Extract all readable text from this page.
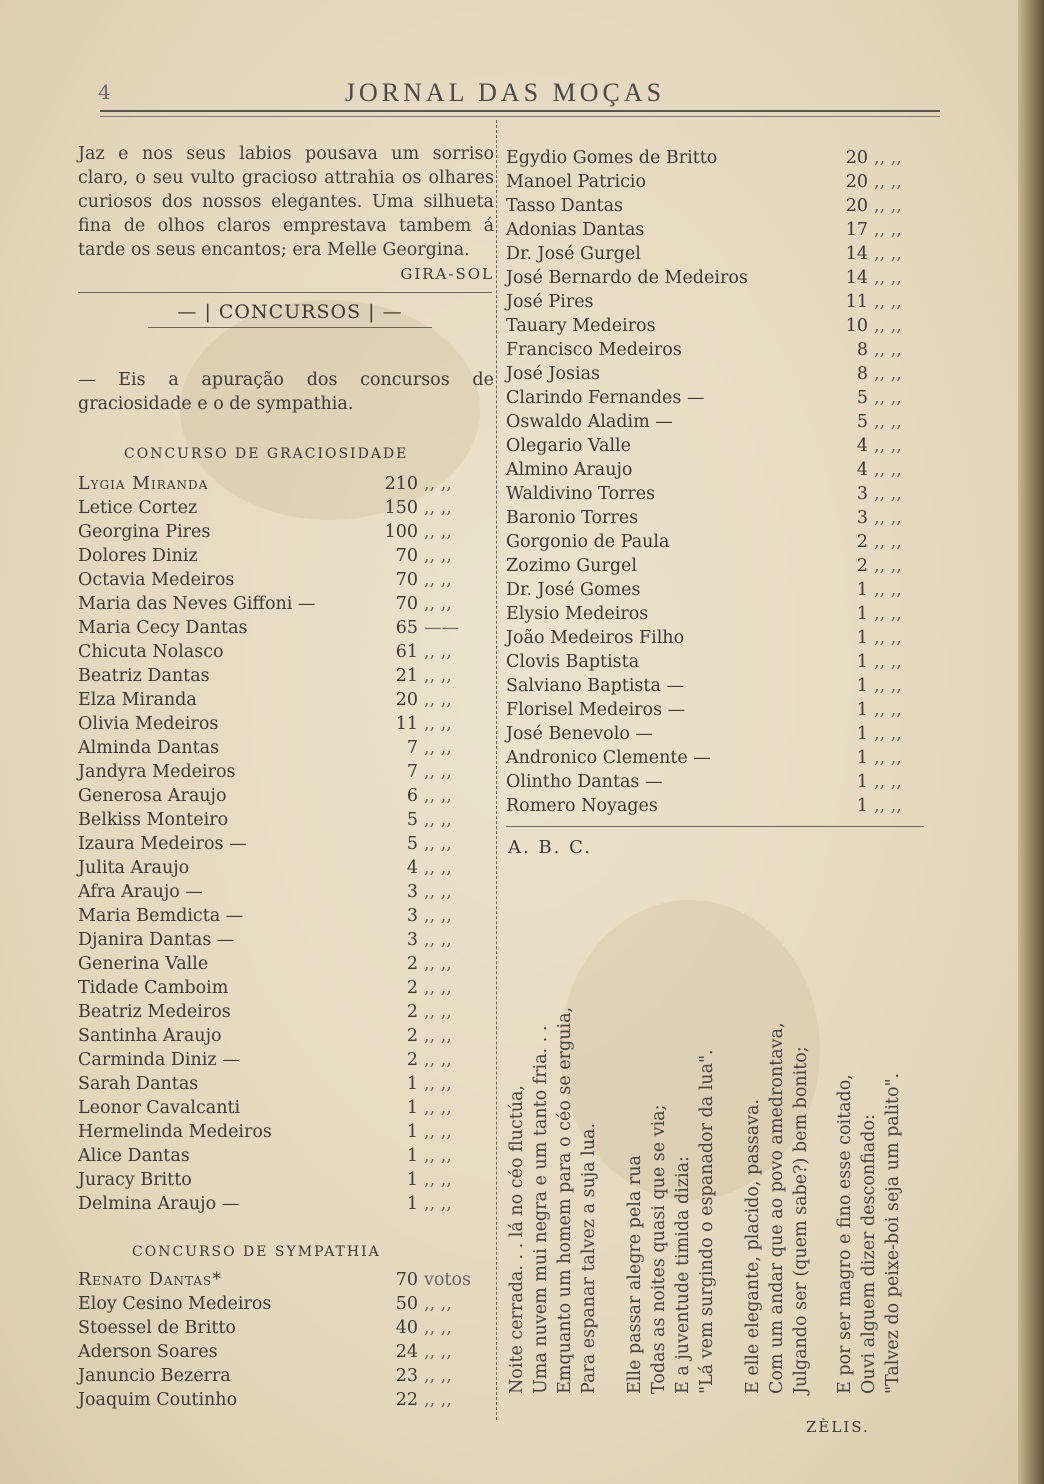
4	JORNAL DAS MOÇAS

Jaz e nos seus labios pousava um sorriso claro, o seu vulto gracioso attrahia os olhares curiosos dos nossos elegantes. Uma silhueta fina de olhos claros emprestava tambem á tarde os seus encantos; era Melle Georgina.

GIRA-SOL
— | CONCURSOS | —
— Eis a apuração dos concursos de graciosidade e o de sympathia.
CONCURSO DE GRACIOSIDADE
Lygia Miranda	210 ,, ,,
Letice Cortez	150 ,, ,,
Georgina Pires	100 ,, ,,
Dolores Diniz	70 ,, ,,
Octavia Medeiros	70 ,, ,,
Maria das Neves Giffoni —	70 ,, ,,
Maria Cecy Dantas	65 ——
Chicuta Nolasco	61 ,, ,,
Beatriz Dantas	21 ,, ,,
Elza Miranda	20 ,, ,,
Olivia Medeiros	11 ,, ,,
Alminda Dantas	7 ,, ,,
Jandyra Medeiros	7 ,, ,,
Generosa Araujo	6 ,, ,,
Belkiss Monteiro	5 ,, ,,
Izaura Medeiros —	5 ,, ,,
Julita Araujo	4 ,, ,,
Afra Araujo —	3 ,, ,,
Maria Bemdicta —	3 ,, ,,
Djanira Dantas —	3 ,, ,,
Generina Valle	2 ,, ,,
Tidade Camboim	2 ,, ,,
Beatriz Medeiros	2 ,, ,,
Santinha Araujo	2 ,, ,,
Carminda Diniz —	2 ,, ,,
Sarah Dantas	1 ,, ,,
Leonor Cavalcanti	1 ,, ,,
Hermelinda Medeiros	1 ,, ,,
Alice Dantas	1 ,, ,,
Juracy Britto	1 ,, ,,
Delmina Araujo —	1 ,, ,,
CONCURSO DE SYMPATHIA
Renato Dantas*	70 votos
Eloy Cesino Medeiros	50 ,, ,,
Stoessel de Britto	40 ,, ,,
Aderson Soares	24 ,, ,,
Januncio Bezerra	23 ,, ,,
Joaquim Coutinho	22 ,, ,,
Egydio Gomes de Britto	20 ,, ,,
Manoel Patricio	20 ,, ,,
Tasso Dantas	20 ,, ,,
Adonias Dantas	17 ,, ,,
Dr. José Gurgel	14 ,, ,,
José Bernardo de Medeiros	14 ,, ,,
José Pires	11 ,, ,,
Tauary Medeiros	10 ,, ,,
Francisco Medeiros	8 ,, ,,
José Josias	8 ,, ,,
Clarindo Fernandes —	5 ,, ,,
Oswaldo Aladim —	5 ,, ,,
Olegario Valle	4 ,, ,,
Almino Araujo	4 ,, ,,
Waldivino Torres	3 ,, ,,
Baronio Torres	3 ,, ,,
Gorgonio de Paula	2 ,, ,,
Zozimo Gurgel	2 ,, ,,
Dr. José Gomes	1 ,, ,,
Elysio Medeiros	1 ,, ,,
João Medeiros Filho	1 ,, ,,
Clovis Baptista	1 ,, ,,
Salviano Baptista —	1 ,, ,,
Florisel Medeiros —	1 ,, ,,
José Benevolo —	1 ,, ,,
Andronico Clemente —	1 ,, ,,
Olintho Dantas —	1 ,, ,,
Romero Noyages	1 ,, ,,
A. B. C.
Noite cerrada. . . lá no céo fluctúa, Uma nuvem mui negra e um tanto fria. . . Emquanto um homem para o céo se erguia, Para espanar talvez a suja lua. Elle passar alegre pela rua Todas as noites quasi que se via; E a juventude timida dizia: "Lá vem surgindo o espanador da lua". E elle elegante, placido, passava. Com um andar que ao povo amedrontava, Julgando ser (quem sabe?) bem bonito; E por ser magro e fino esse coitado, Ouvi alguem dizer desconfiado: "Talvez do peixe-boi seja um palito".
ZÈLIS.
